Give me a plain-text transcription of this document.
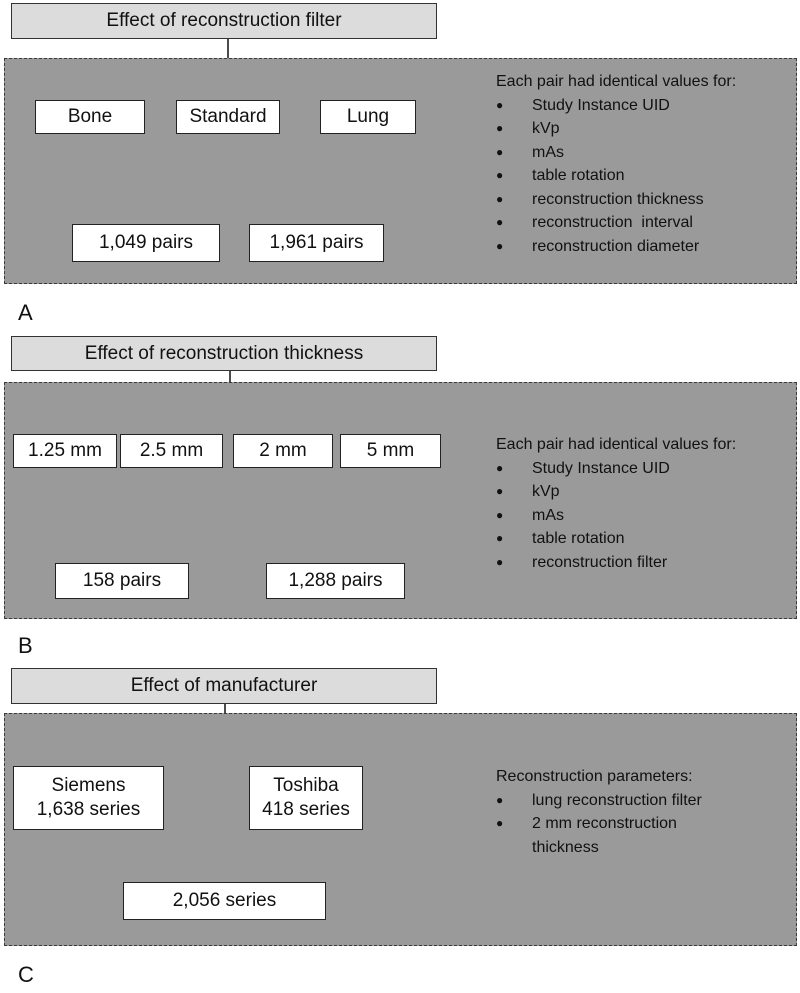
Effect of reconstruction filter
Bone	Standard	Lung
1,049 pairs	1,961 pairs
Each pair had identical values for:
● Study Instance UID
● kVp
● mAs
● table rotation
● reconstruction thickness
● reconstruction  interval
● reconstruction diameter
A
Effect of reconstruction thickness
1.25 mm 2.5 mm	2 mm	5 mm
158 pairs	1,288 pairs
Each pair had identical values for:
● Study Instance UID
● kVp
● mAs
● table rotation
● reconstruction filter
B
Effect of manufacturer
Siemens
1,638 series
Toshiba
418 series
2,056 series
Reconstruction parameters:
● lung reconstruction filter
● 2 mm reconstruction thickness
C
